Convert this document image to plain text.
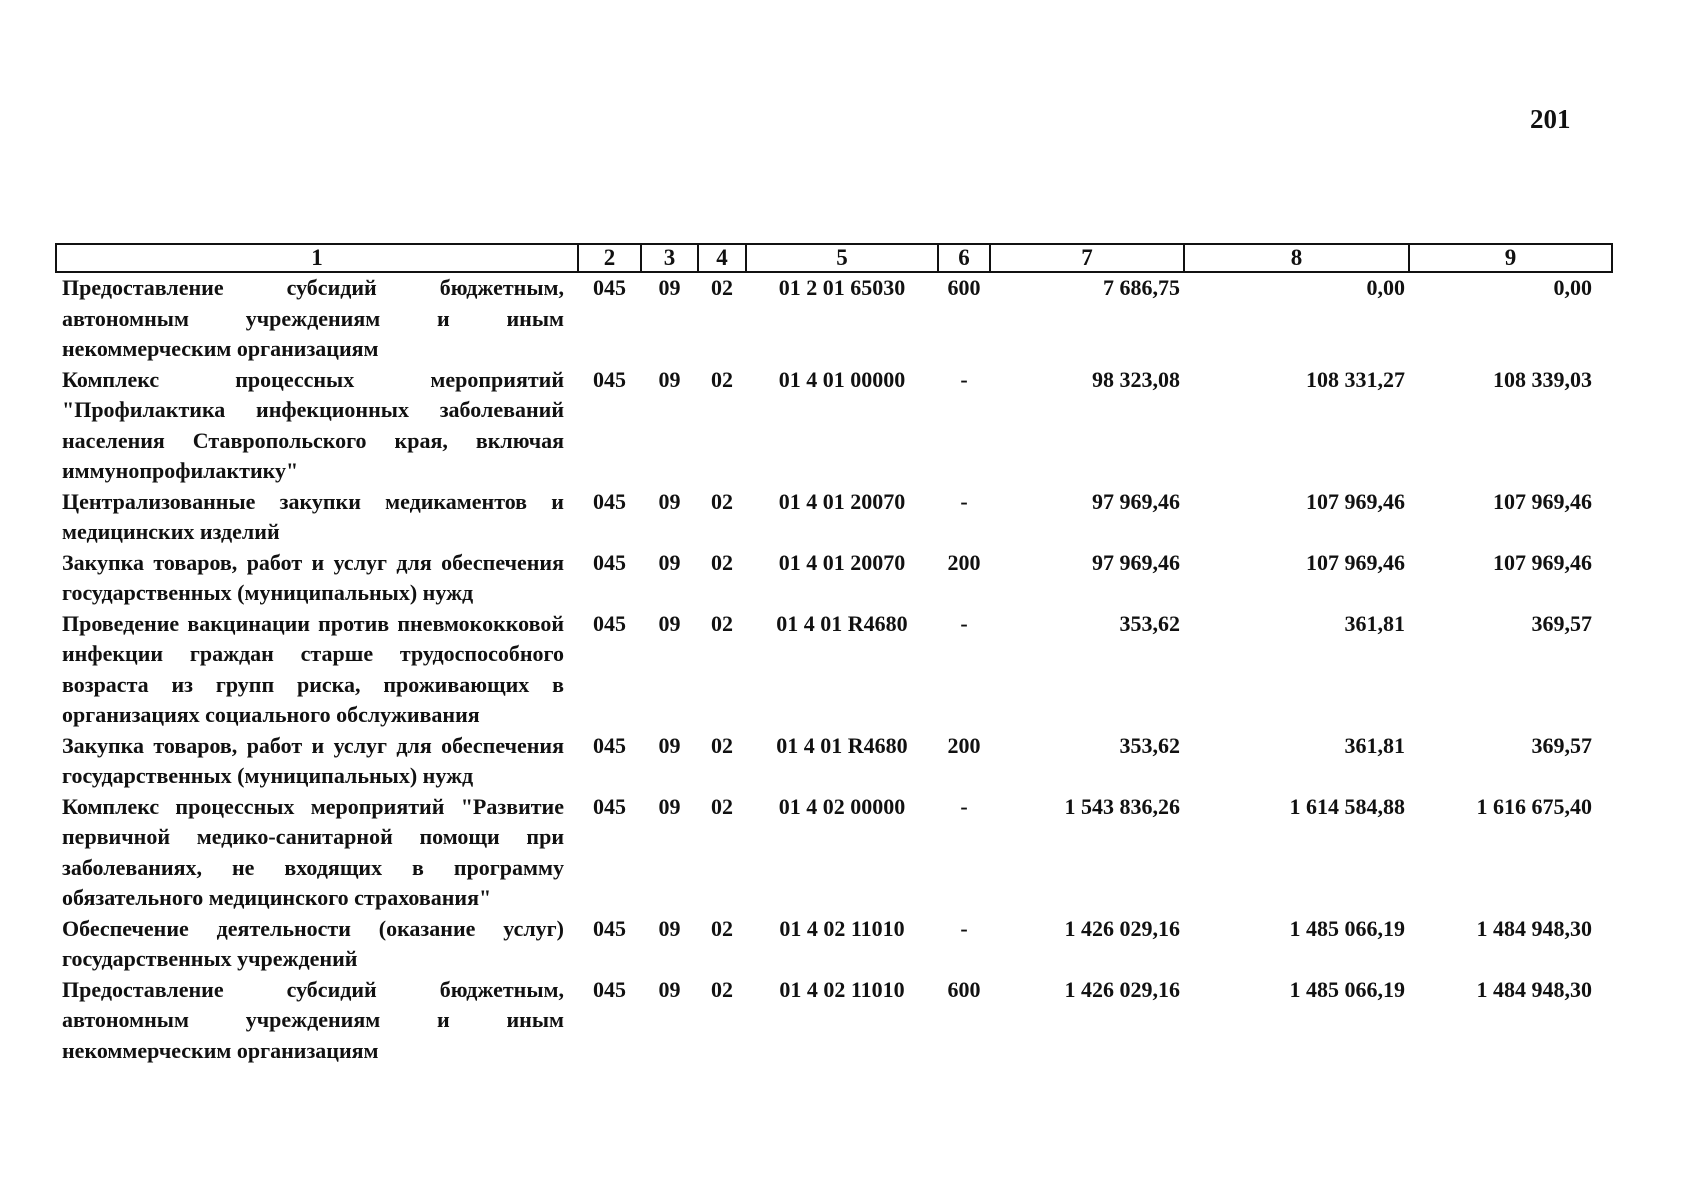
201
1	2	3	4	5	6	7	8	9
Предоставление субсидий бюджетным, автономным учреждениям и иным некоммерческим организациям	045	09	02	01 2 01 65030	600	7 686,75	0,00	0,00
Комплекс процессных мероприятий "Профилактика инфекционных заболеваний населения Ставропольского края, включая иммунопрофилактику"	045	09	02	01 4 01 00000	-	98 323,08	108 331,27	108 339,03
Централизованные закупки медикаментов и медицинских изделий	045	09	02	01 4 01 20070	-	97 969,46	107 969,46	107 969,46
Закупка товаров, работ и услуг для обеспечения государственных (муниципальных) нужд	045	09	02	01 4 01 20070	200	97 969,46	107 969,46	107 969,46
Проведение вакцинации против пневмококковой инфекции граждан старше трудоспособного возраста из групп риска, проживающих в организациях социального обслуживания	045	09	02	01 4 01 R4680	-	353,62	361,81	369,57
Закупка товаров, работ и услуг для обеспечения государственных (муниципальных) нужд	045	09	02	01 4 01 R4680	200	353,62	361,81	369,57
Комплекс процессных мероприятий "Развитие первичной медико-санитарной помощи при заболеваниях, не входящих в программу обязательного медицинского страхования"	045	09	02	01 4 02 00000	-	1 543 836,26	1 614 584,88	1 616 675,40
Обеспечение деятельности (оказание услуг) государственных учреждений	045	09	02	01 4 02 11010	-	1 426 029,16	1 485 066,19	1 484 948,30
Предоставление субсидий бюджетным, автономным учреждениям и иным некоммерческим организациям	045	09	02	01 4 02 11010	600	1 426 029,16	1 485 066,19	1 484 948,30
